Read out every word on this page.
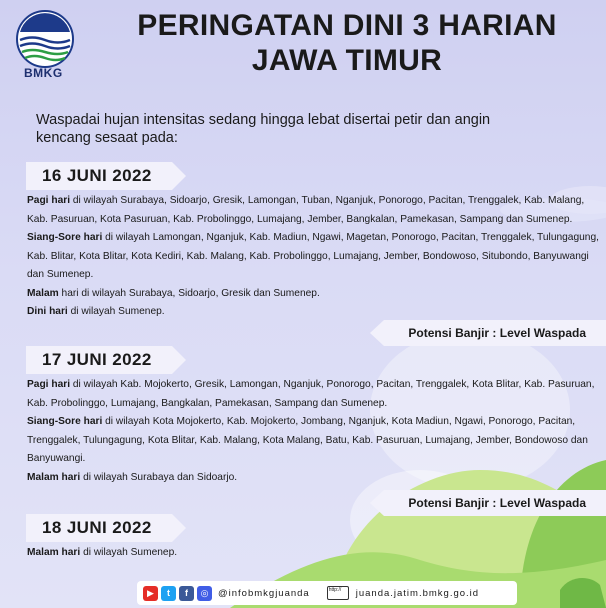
BMKG
PERINGATAN DINI 3 HARIAN
JAWA TIMUR
Waspadai hujan intensitas sedang hingga lebat disertai petir dan angin kencang sesaat pada:
16 JUNI 2022

Pagi hari di wilayah Surabaya, Sidoarjo, Gresik, Lamongan, Tuban, Nganjuk, Ponorogo, Pacitan, Trenggalek, Kab. Malang, Kab. Pasuruan, Kota Pasuruan, Kab. Probolinggo, Lumajang, Jember, Bangkalan, Pamekasan, Sampang dan Sumenep.

Siang-Sore hari di wilayah Lamongan, Nganjuk, Kab. Madiun, Ngawi, Magetan, Ponorogo, Pacitan, Trenggalek, Tulungagung, Kab. Blitar, Kota Blitar, Kota Kediri, Kab. Malang, Kab. Probolinggo, Lumajang, Jember, Bondowoso, Situbondo, Banyuwangi dan Sumenep.

Malam hari di wilayah Surabaya, Sidoarjo, Gresik dan Sumenep.

Dini hari di wilayah Sumenep.

Potensi Banjir : Level Waspada
17 JUNI 2022

Pagi hari di wilayah Kab. Mojokerto, Gresik, Lamongan, Nganjuk, Ponorogo, Pacitan, Trenggalek, Kota Blitar, Kab. Pasuruan, Kab. Probolinggo, Lumajang, Bangkalan, Pamekasan, Sampang dan Sumenep.

Siang-Sore hari di wilayah Kota Mojokerto, Kab. Mojokerto, Jombang, Nganjuk, Kota Madiun, Ngawi, Ponorogo, Pacitan, Trenggalek, Tulungagung, Kota Blitar, Kab. Malang, Kota Malang, Batu, Kab. Pasuruan, Lumajang, Jember, Bondowoso dan Banyuwangi.

Malam hari di wilayah Surabaya dan Sidoarjo.

Potensi Banjir : Level Waspada
18 JUNI 2022

Malam hari di wilayah Sumenep.

▶	t	f	◎	@infobmkgjuanda	http://	juanda.jatim.bmkg.go.id
